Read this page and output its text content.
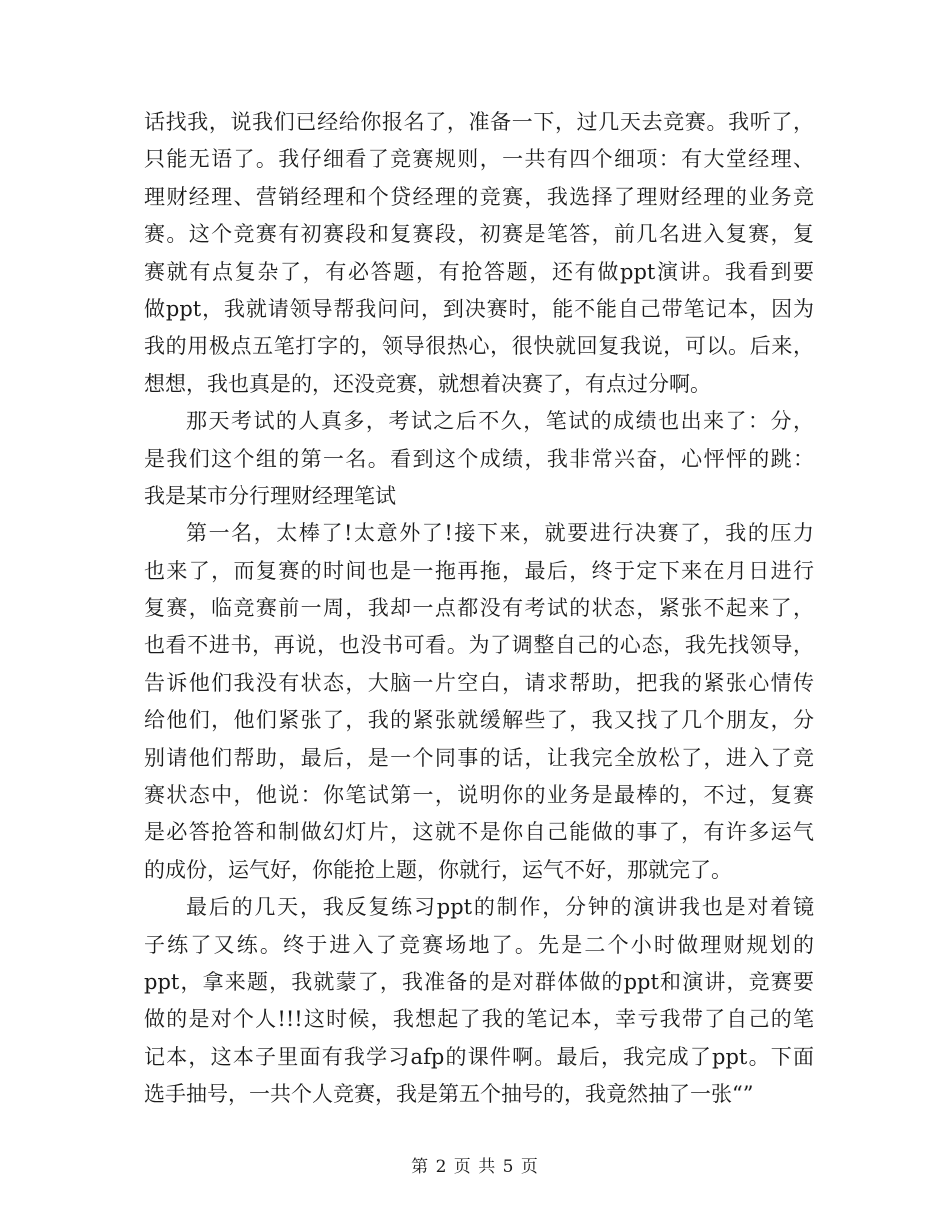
话找我，说我们已经给你报名了，准备一下，过几天去竞赛。我听了，
只能无语了。我仔细看了竞赛规则，一共有四个细项：有大堂经理、
理财经理、营销经理和个贷经理的竞赛，我选择了理财经理的业务竞
赛。这个竞赛有初赛段和复赛段，初赛是笔答，前几名进入复赛，复
赛就有点复杂了，有必答题，有抢答题，还有做ppt演讲。我看到要
做ppt，我就请领导帮我问问，到决赛时，能不能自己带笔记本，因为
我的用极点五笔打字的，领导很热心，很快就回复我说，可以。后来，
想想，我也真是的，还没竞赛，就想着决赛了，有点过分啊。
那天考试的人真多，考试之后不久，笔试的成绩也出来了：分，
是我们这个组的第一名。看到这个成绩，我非常兴奋，心怦怦的跳：
我是某市分行理财经理笔试
第一名，太棒了!太意外了!接下来，就要进行决赛了，我的压力
也来了，而复赛的时间也是一拖再拖，最后，终于定下来在月日进行
复赛，临竞赛前一周，我却一点都没有考试的状态，紧张不起来了，
也看不进书，再说，也没书可看。为了调整自己的心态，我先找领导，
告诉他们我没有状态，大脑一片空白，请求帮助，把我的紧张心情传
给他们，他们紧张了，我的紧张就缓解些了，我又找了几个朋友，分
别请他们帮助，最后，是一个同事的话，让我完全放松了，进入了竞
赛状态中，他说：你笔试第一，说明你的业务是最棒的，不过，复赛
是必答抢答和制做幻灯片，这就不是你自己能做的事了，有许多运气
的成份，运气好，你能抢上题，你就行，运气不好，那就完了。
最后的几天，我反复练习ppt的制作，分钟的演讲我也是对着镜
子练了又练。终于进入了竞赛场地了。先是二个小时做理财规划的
ppt，拿来题，我就蒙了，我准备的是对群体做的ppt和演讲，竞赛要
做的是对个人!!!这时候，我想起了我的笔记本，幸亏我带了自己的笔
记本，这本子里面有我学习afp的课件啊。最后，我完成了ppt。下面
选手抽号，一共个人竞赛，我是第五个抽号的，我竟然抽了一张“”
第 2 页 共 5 页
